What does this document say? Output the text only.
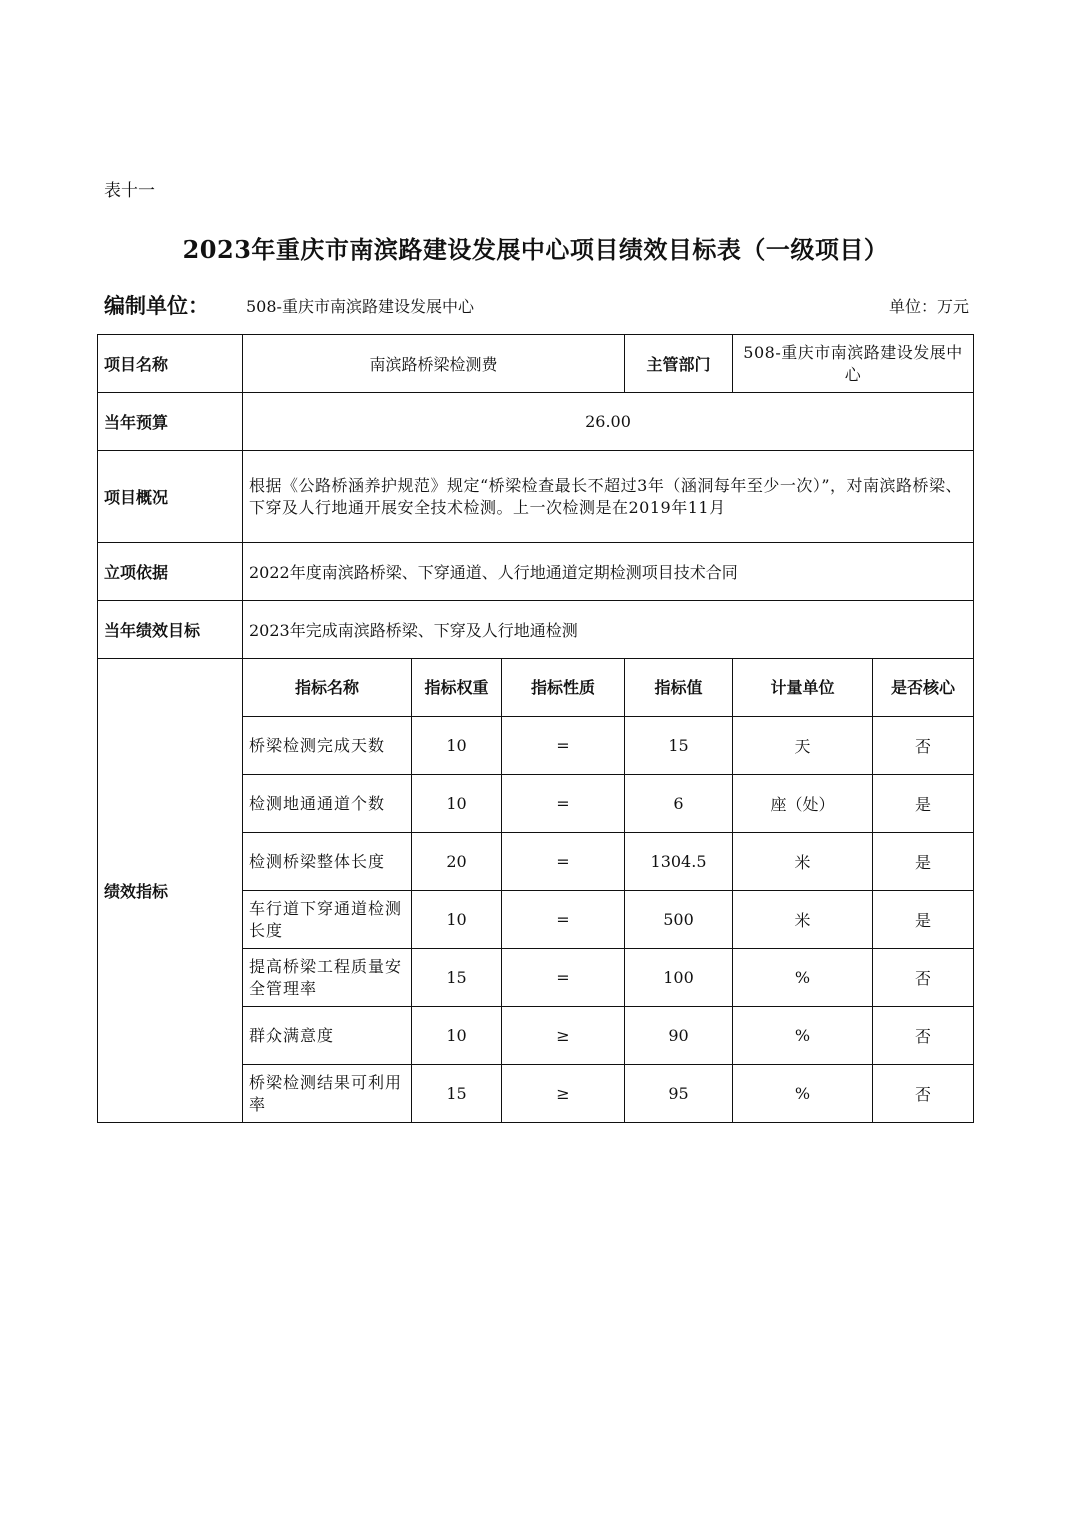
表十一
2023年重庆市南滨路建设发展中心项目绩效目标表（一级项目）
编制单位： 508-重庆市南滨路建设发展中心	单位：万元
项目名称	南滨路桥梁检测费			主管部门	508-重庆市南滨路建设发展中心	
当年预算	26.00					
项目概况	根据《公路桥涵养护规范》规定“桥梁检查最长不超过3年（涵洞每年至少一次）”，对南滨路桥梁、下穿及人行地通开展安全技术检测。上一次检测是在2019年11月					
立项依据	2022年度南滨路桥梁、下穿通道、人行地通道定期检测项目技术合同					
当年绩效目标	2023年完成南滨路桥梁、下穿及人行地通检测					
绩效指标	指标名称	指标权重	指标性质	指标值	计量单位	是否核心
	桥梁检测完成天数	10	=	15	天	否
	检测地通通道个数	10	=	6	座（处）	是
	检测桥梁整体长度	20	=	1304.5	米	是
	车行道下穿通道检测长度	10	=	500	米	是
	提高桥梁工程质量安全管理率	15	=	100	%	否
	群众满意度	10	≥	90	%	否
	桥梁检测结果可利用率	15	≥	95	%	否
